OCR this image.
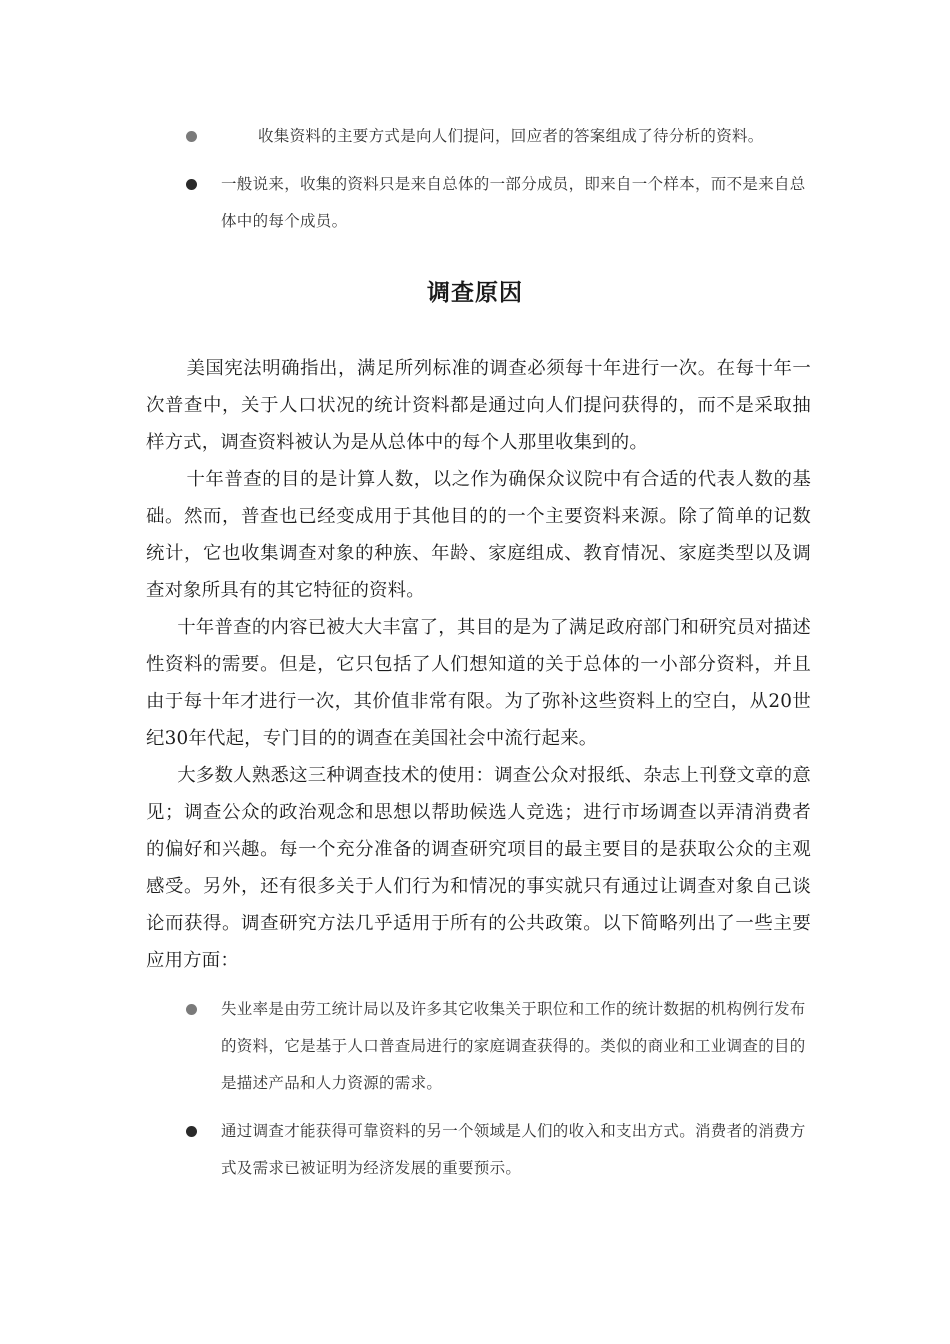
收集资料的主要方式是向人们提问，回应者的答案组成了待分析的资料。
一般说来，收集的资料只是来自总体的一部分成员，即来自一个样本，而不是来自总体中的每个成员。
调查原因

美国宪法明确指出，满足所列标准的调查必须每十年进行一次。在每十年一次普查中，关于人口状况的统计资料都是通过向人们提问获得的，而不是采取抽样方式，调查资料被认为是从总体中的每个人那里收集到的。

十年普查的目的是计算人数，以之作为确保众议院中有合适的代表人数的基础。然而，普查也已经变成用于其他目的的一个主要资料来源。除了简单的记数统计，它也收集调查对象的种族、年龄、家庭组成、教育情况、家庭类型以及调查对象所具有的其它特征的资料。

十年普查的内容已被大大丰富了，其目的是为了满足政府部门和研究员对描述性资料的需要。但是，它只包括了人们想知道的关于总体的一小部分资料，并且由于每十年才进行一次，其价值非常有限。为了弥补这些资料上的空白，从20世纪30年代起，专门目的的调查在美国社会中流行起来。

大多数人熟悉这三种调查技术的使用：调查公众对报纸、杂志上刊登文章的意见；调查公众的政治观念和思想以帮助候选人竞选；进行市场调查以弄清消费者的偏好和兴趣。每一个充分准备的调查研究项目的最主要目的是获取公众的主观感受。另外，还有很多关于人们行为和情况的事实就只有通过让调查对象自己谈论而获得。调查研究方法几乎适用于所有的公共政策。以下简略列出了一些主要应用方面：

失业率是由劳工统计局以及许多其它收集关于职位和工作的统计数据的机构例行发布的资料，它是基于人口普查局进行的家庭调查获得的。类似的商业和工业调查的目的是描述产品和人力资源的需求。
通过调查才能获得可靠资料的另一个领域是人们的收入和支出方式。消费者的消费方式及需求已被证明为经济发展的重要预示。
